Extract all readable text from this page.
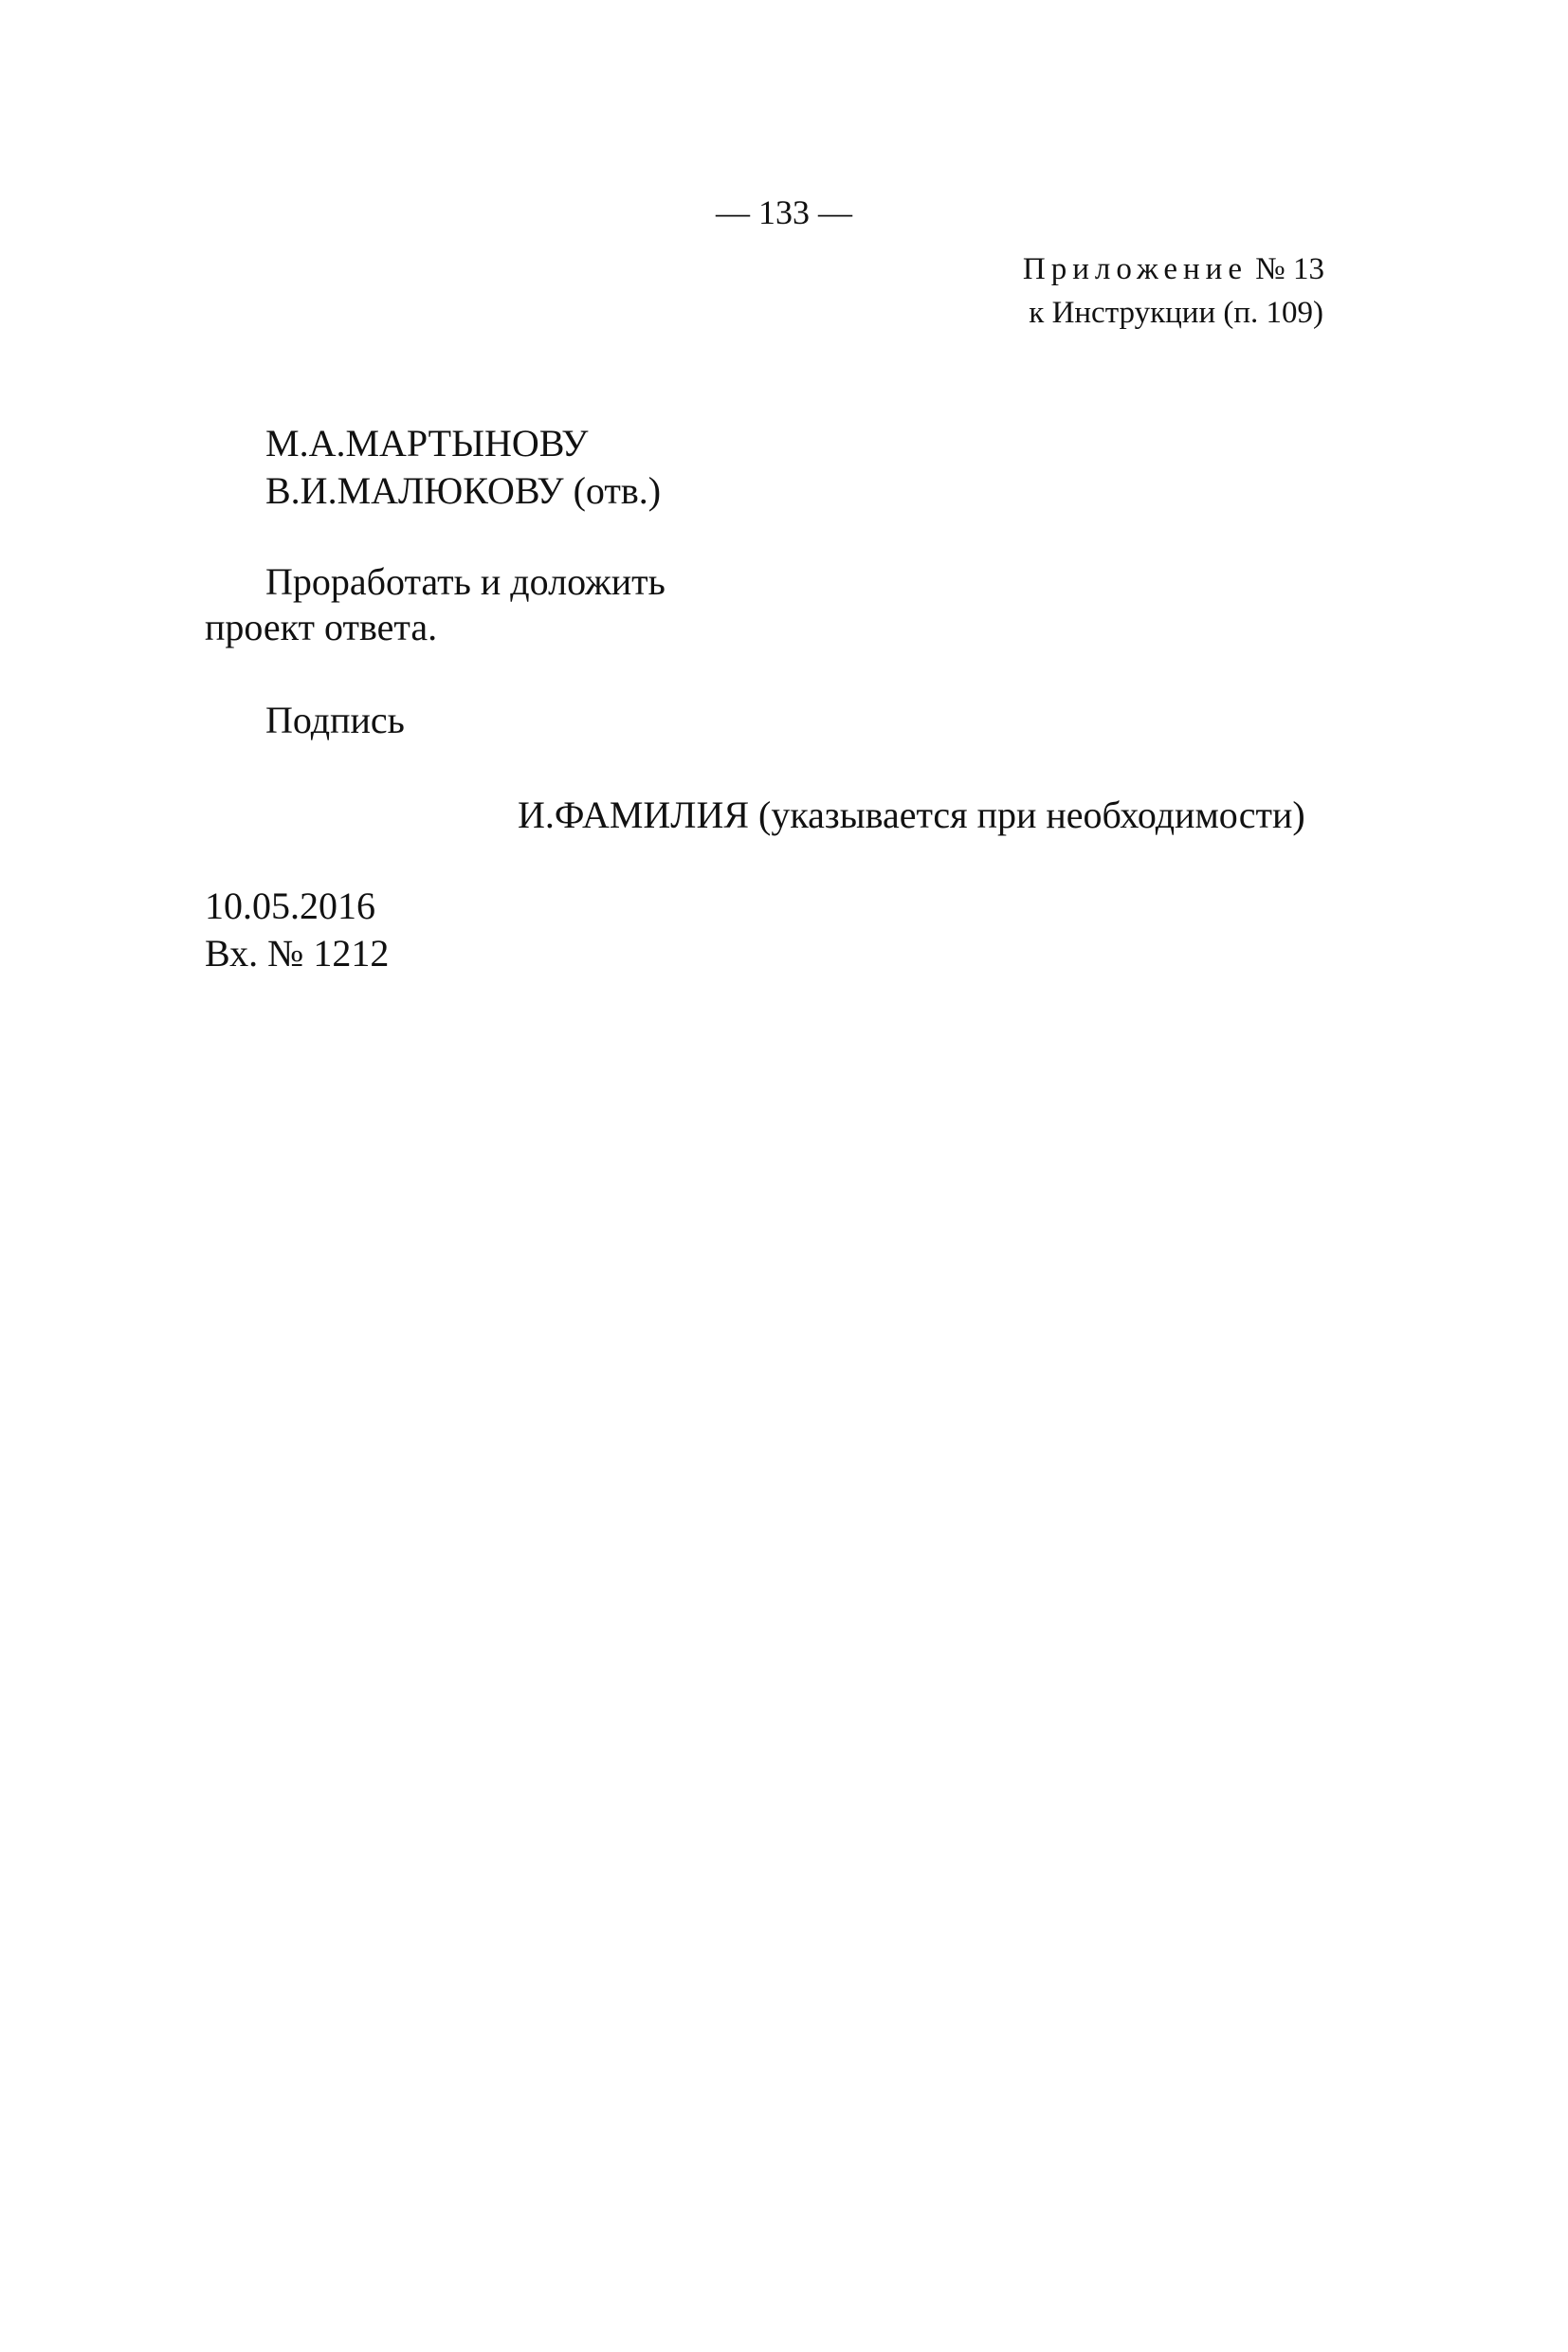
— 133 —
Приложение № 13
к Инструкции (п. 109)
М.А.МАРТЫНОВУ
В.И.МАЛЮКОВУ (отв.)
Проработать и доложить
проект ответа.
Подпись
И.ФАМИЛИЯ (указывается при необходимости)
10.05.2016
Вх. № 1212
